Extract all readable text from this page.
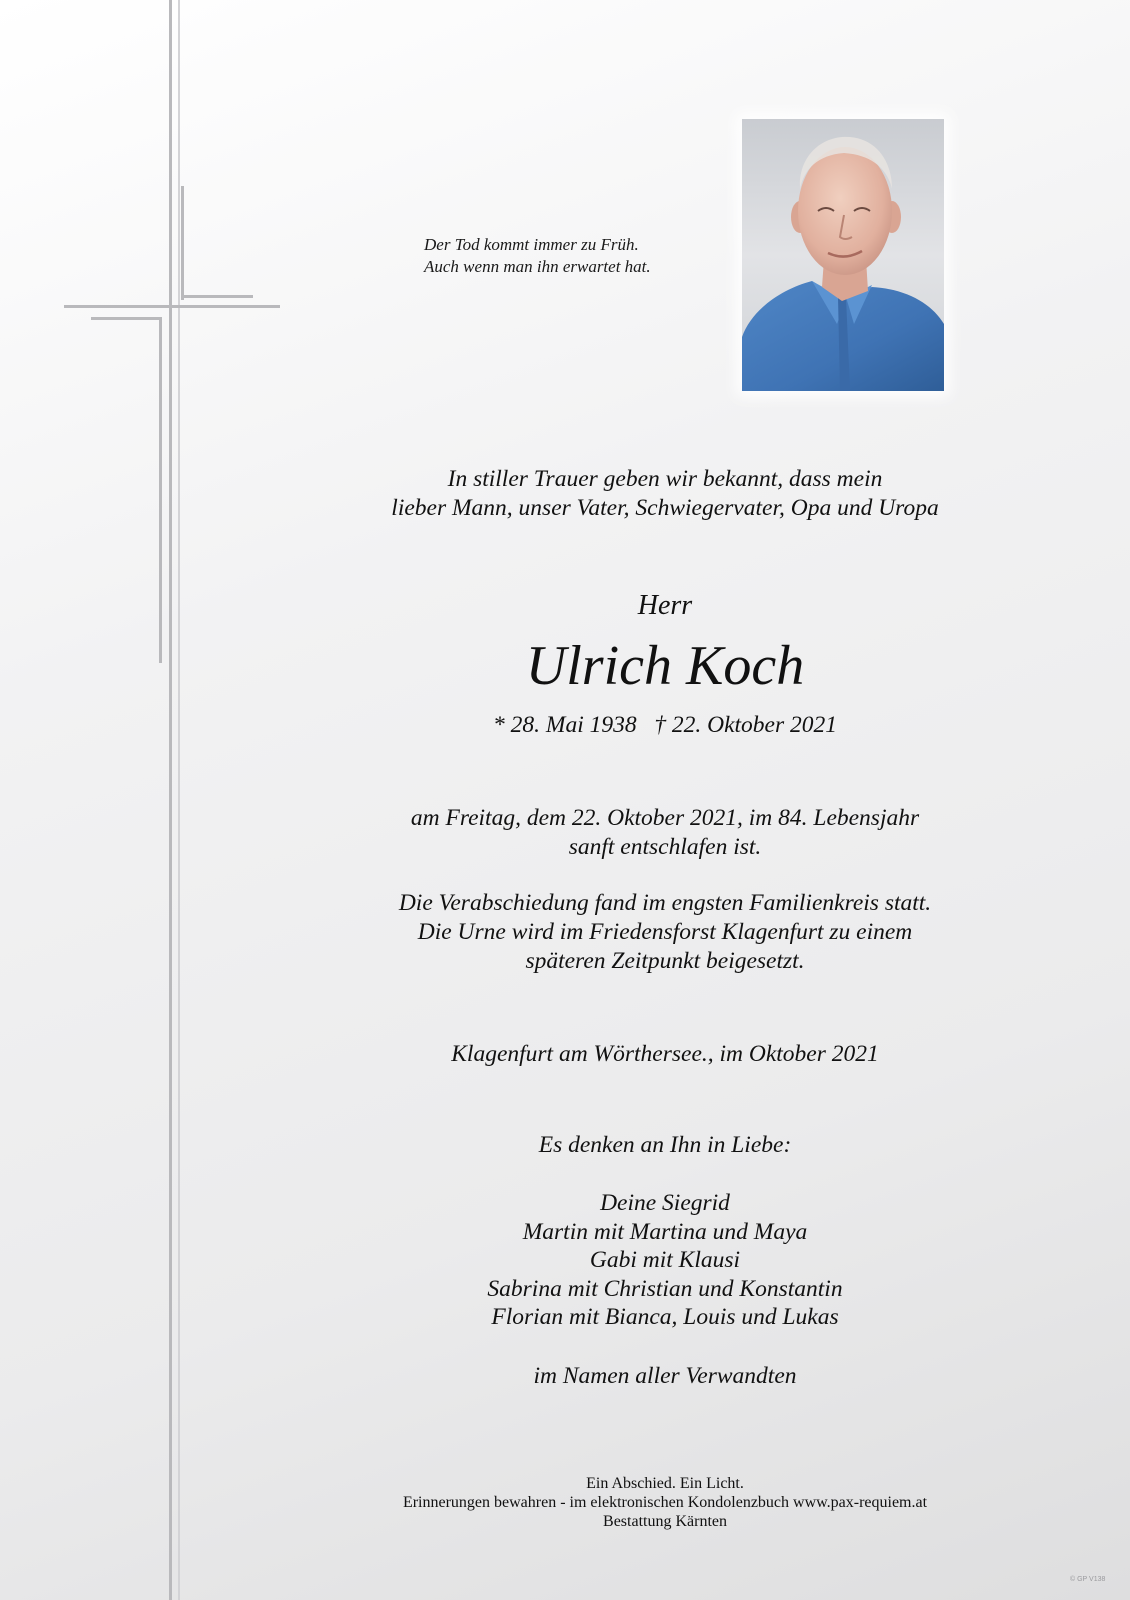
Der Tod kommt immer zu Früh.
Auch wenn man ihn erwartet hat.
In stiller Trauer geben wir bekannt, dass mein
lieber Mann, unser Vater, Schwiegervater, Opa und Uropa
Herr
Ulrich Koch
* 28. Mai 1938   † 22. Oktober 2021
am Freitag, dem 22. Oktober 2021, im 84. Lebensjahr
sanft entschlafen ist.
Die Verabschiedung fand im engsten Familienkreis statt.
Die Urne wird im Friedensforst Klagenfurt zu einem
späteren Zeitpunkt beigesetzt.
Klagenfurt am Wörthersee., im Oktober 2021
Es denken an Ihn in Liebe:
Deine Siegrid
Martin mit Martina und Maya
Gabi mit Klausi
Sabrina mit Christian und Konstantin
Florian mit Bianca, Louis und Lukas
im Namen aller Verwandten
Ein Abschied. Ein Licht.
Erinnerungen bewahren - im elektronischen Kondolenzbuch www.pax-requiem.at
Bestattung Kärnten
© GP V138
